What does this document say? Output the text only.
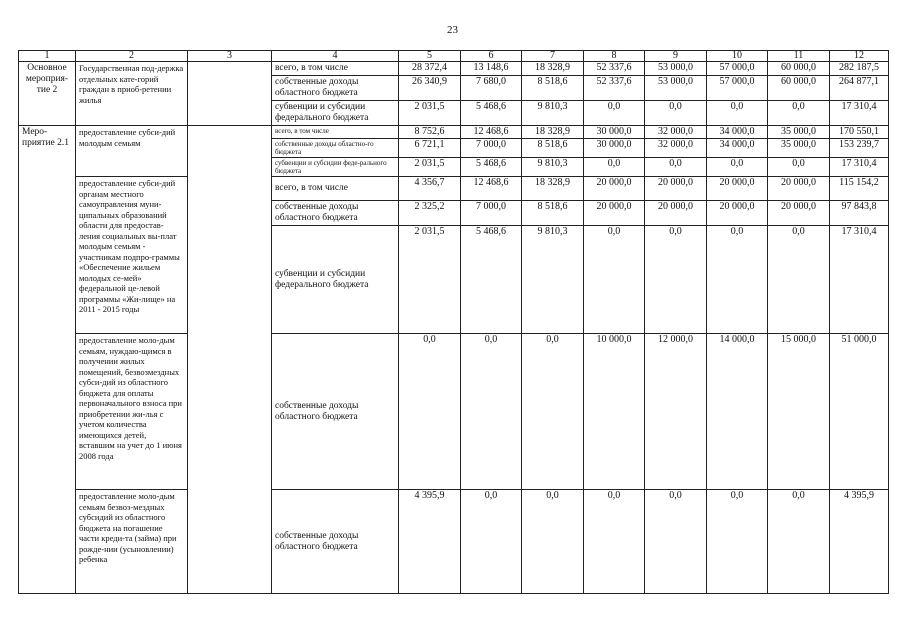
23
1	2	3	4	5	6	7	8	9	10	11	12
Основное мероприя-тие 2	Государственная под-держка отдельных кате-горий граждан в приоб-ретении жилья		всего, в том числе	28 372,4	13 148,6	18 328,9	52 337,6	53 000,0	57 000,0	60 000,0	282 187,5
			собственные доходы областного бюджета	26 340,9	7 680,0	8 518,6	52 337,6	53 000,0	57 000,0	60 000,0	264 877,1
			субвенции и субсидии федерального бюджета	2 031,5	5 468,6	9 810,3	0,0	0,0	0,0	0,0	17 310,4
Меро-приятие 2.1	предоставление субси-дий молодым семьям		всего, в том числе	8 752,6	12 468,6	18 328,9	30 000,0	32 000,0	34 000,0	35 000,0	170 550,1
			собственные доходы областно-го бюджета	6 721,1	7 000,0	8 518,6	30 000,0	32 000,0	34 000,0	35 000,0	153 239,7
			субвенции и субсидии феде-рального бюджета	2 031,5	5 468,6	9 810,3	0,0	0,0	0,0	0,0	17 310,4
	предоставление субси-дий органам местного самоуправления муни-ципальных образований области для предостав-ления социальных вы-плат молодым семьям - участникам подпро-граммы «Обеспечение жильем молодых се-мей» федеральной це-левой программы «Жи-лище» на 2011 - 2015 годы		всего, в том числе	4 356,7	12 468,6	18 328,9	20 000,0	20 000,0	20 000,0	20 000,0	115 154,2
			собственные доходы областного бюджета	2 325,2	7 000,0	8 518,6	20 000,0	20 000,0	20 000,0	20 000,0	97 843,8
			субвенции и субсидии федерального бюджета	2 031,5	5 468,6	9 810,3	0,0	0,0	0,0	0,0	17 310,4
	предоставление моло-дым семьям, нуждаю-щимся в получении жилых помещений, безвозмездных субси-дий из областного бюджета для оплаты первоначального взноса при приобретении жи-лья с учетом количества имеющихся детей, вставшим на учет до 1 июня 2008 года		собственные доходы областного бюджета	0,0	0,0	0,0	10 000,0	12 000,0	14 000,0	15 000,0	51 000,0
	предоставление моло-дым семьям безвоз-мездных субсидий из областного бюджета на погашение части креди-та (займа) при рожде-нии (усыновлении) ребенка		собственные доходы областного бюджета	4 395,9	0,0	0,0	0,0	0,0	0,0	0,0	4 395,9
